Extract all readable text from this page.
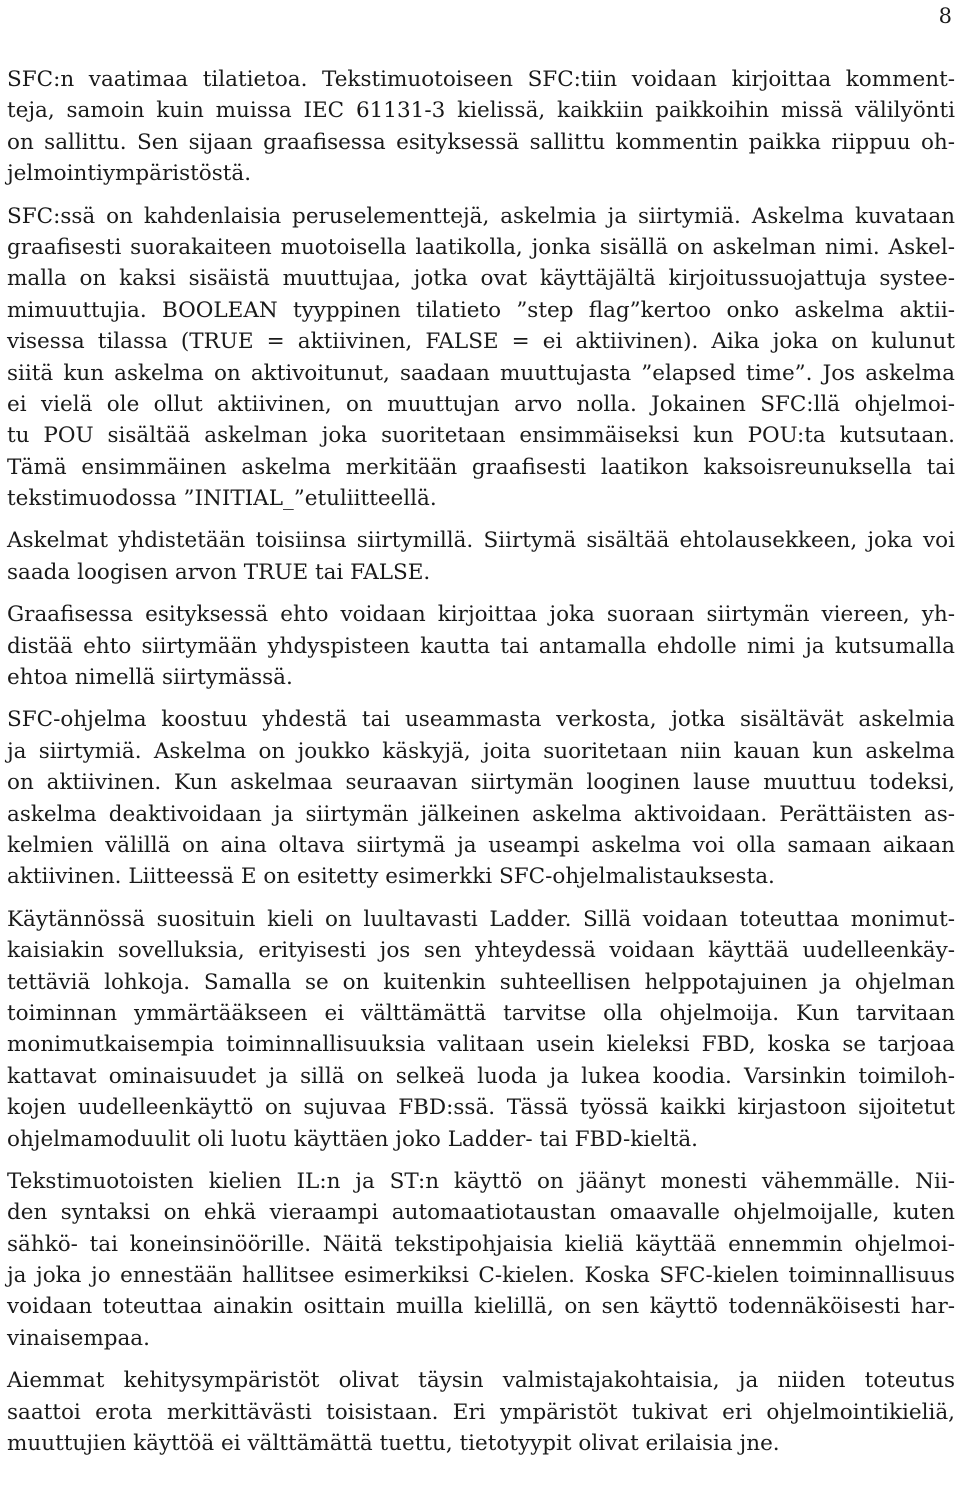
8
SFC:n vaatimaa tilatietoa. Tekstimuotoiseen SFC:tiin voidaan kirjoittaa komment-
teja, samoin kuin muissa IEC 61131-3 kielissä, kaikkiin paikkoihin missä välilyönti
on sallittu. Sen sijaan graafisessa esityksessä sallittu kommentin paikka riippuu oh-
jelmointiympäristöstä.
SFC:ssä on kahdenlaisia peruselementtejä, askelmia ja siirtymiä. Askelma kuvataan
graafisesti suorakaiteen muotoisella laatikolla, jonka sisällä on askelman nimi. Askel-
malla on kaksi sisäistä muuttujaa, jotka ovat käyttäjältä kirjoitussuojattuja systee-
mimuuttujia. BOOLEAN tyyppinen tilatieto ”step flag”kertoo onko askelma aktii-
visessa tilassa (TRUE = aktiivinen, FALSE = ei aktiivinen). Aika joka on kulunut
siitä kun askelma on aktivoitunut, saadaan muuttujasta ”elapsed time”. Jos askelma
ei vielä ole ollut aktiivinen, on muuttujan arvo nolla. Jokainen SFC:llä ohjelmoi-
tu POU sisältää askelman joka suoritetaan ensimmäiseksi kun POU:ta kutsutaan.
Tämä ensimmäinen askelma merkitään graafisesti laatikon kaksoisreunuksella tai
tekstimuodossa ”INITIAL_”etuliitteellä.
Askelmat yhdistetään toisiinsa siirtymillä. Siirtymä sisältää ehtolausekkeen, joka voi
saada loogisen arvon TRUE tai FALSE.
Graafisessa esityksessä ehto voidaan kirjoittaa joka suoraan siirtymän viereen, yh-
distää ehto siirtymään yhdyspisteen kautta tai antamalla ehdolle nimi ja kutsumalla
ehtoa nimellä siirtymässä.
SFC-ohjelma koostuu yhdestä tai useammasta verkosta, jotka sisältävät askelmia
ja siirtymiä. Askelma on joukko käskyjä, joita suoritetaan niin kauan kun askelma
on aktiivinen. Kun askelmaa seuraavan siirtymän looginen lause muuttuu todeksi,
askelma deaktivoidaan ja siirtymän jälkeinen askelma aktivoidaan. Perättäisten as-
kelmien välillä on aina oltava siirtymä ja useampi askelma voi olla samaan aikaan
aktiivinen. Liitteessä E on esitetty esimerkki SFC-ohjelmalistauksesta.
Käytännössä suosituin kieli on luultavasti Ladder. Sillä voidaan toteuttaa monimut-
kaisiakin sovelluksia, erityisesti jos sen yhteydessä voidaan käyttää uudelleenkäy-
tettäviä lohkoja. Samalla se on kuitenkin suhteellisen helppotajuinen ja ohjelman
toiminnan ymmärtääkseen ei välttämättä tarvitse olla ohjelmoija. Kun tarvitaan
monimutkaisempia toiminnallisuuksia valitaan usein kieleksi FBD, koska se tarjoaa
kattavat ominaisuudet ja sillä on selkeä luoda ja lukea koodia. Varsinkin toimiloh-
kojen uudelleenkäyttö on sujuvaa FBD:ssä. Tässä työssä kaikki kirjastoon sijoitetut
ohjelmamoduulit oli luotu käyttäen joko Ladder- tai FBD-kieltä.
Tekstimuotoisten kielien IL:n ja ST:n käyttö on jäänyt monesti vähemmälle. Nii-
den syntaksi on ehkä vieraampi automaatiotaustan omaavalle ohjelmoijalle, kuten
sähkö- tai koneinsinöörille. Näitä tekstipohjaisia kieliä käyttää ennemmin ohjelmoi-
ja joka jo ennestään hallitsee esimerkiksi C-kielen. Koska SFC-kielen toiminnallisuus
voidaan toteuttaa ainakin osittain muilla kielillä, on sen käyttö todennäköisesti har-
vinaisempaa.
Aiemmat kehitysympäristöt olivat täysin valmistajakohtaisia, ja niiden toteutus
saattoi erota merkittävästi toisistaan. Eri ympäristöt tukivat eri ohjelmointikieliä,
muuttujien käyttöä ei välttämättä tuettu, tietotyypit olivat erilaisia jne.
